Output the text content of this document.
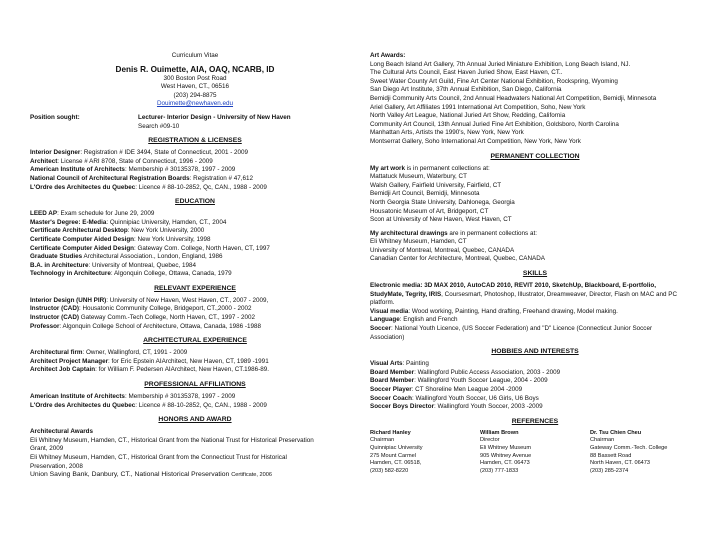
Curriculum Vitae
Denis R. Ouimette, AIA, OAQ, NCARB, ID
300 Boston Post Road
West Haven, CT., 06516
(203) 294-8875
Douimette@newhaven.edu
Position sought:	Lecturer- Interior Design - University of New Haven
Search #09-10
REGISTRATION & LICENSES
Interior Designer: Registration # IDE 3494, State of Connecticut, 2001 - 2009
Architect: License # ARI 8708, State of Connecticut, 1996 - 2009
American Institute of Architects: Membership # 30135378, 1997 - 2009
National Council of Architectural Registration Boards: Registration # 47,612
L'Ordre des Architectes du Quebec: Licence # 88-10-2852, Qc, CAN., 1988 - 2009
EDUCATION
LEED AP: Exam schedule for June 29, 2009
Master's Degree: E-Media: Quinnipiac University, Hamden, CT., 2004
Certificate Architectural Desktop: New York University, 2000
Certificate Computer Aided Design: New York University, 1998
Certificate Computer Aided Design: Gateway Com. College, North Haven, CT, 1997
Graduate Studies Architectural Association., London, England, 1986
B.A. in Architecture: University of Montreal, Quebec, 1984
Technology in Architecture: Algonquin College, Ottawa, Canada, 1979
RELEVANT EXPERIENCE
Interior Design (UNH PIR): University of New Haven, West Haven, CT., 2007 - 2009,
Instructor (CAD): Housatonic Community College, Bridgeport, CT.,2000 - 2002
Instructor (CAD) Gateway Comm.-Tech College, North Haven, CT., 1997 - 2002
Professor: Algonquin College School of Architecture, Ottawa, Canada, 1986 -1988
ARCHITECTURAL EXPERIENCE
Architectural firm: Owner, Wallingford, CT, 1991 - 2009
Architect Project Manager: for Eric Epstein AIArchitect, New Haven, CT, 1989 -1991
Architect Job Captain: for William F. Pedersen AIArchitect, New Haven, CT.1986-89.
PROFESSIONAL AFFILIATIONS
American Institute of Architects: Membership # 30135378, 1997 - 2009
L'Ordre des Architectes du Quebec: Licence # 88-10-2852, Qc, CAN., 1988 - 2009
HONORS AND AWARD
Architectural Awards
Eli Whitney Museum, Hamden, CT., Historical Grant from the National Trust for Historical Preservation
Grant, 2009
Eli Whitney Museum, Hamden, CT., Historical Grant from the Connecticut Trust for Historical
Preservation, 2008
Union Saving Bank, Danbury, CT., National Historical Preservation Certificate, 2006
Art Awards:
Long Beach Island Art Gallery, 7th Annual Juried Miniature Exhibition, Long Beach Island, NJ.
The Cultural Arts Council, East Haven Juried Show, East Haven, CT..
Sweet Water County Art Guild, Fine Art Center National Exhibition, Rockspring, Wyoming
San Diego Art Institute, 37th Annual Exhibition, San Diego, California
Bemidji Community Arts Council, 2nd Annual Headwaters National Art Competition, Bemidji, Minnesota
Ariel Gallery, Art Affiliates 1991 International Art Competition, Soho, New York
North Valley Art League, National Juried Art Show, Redding, California
Community Art Council, 13th Annual Juried Fine Art Exhibition, Goldsboro, North Carolina
Manhattan Arts, Artists the 1990's, New York, New York
Montserrat Gallery, Soho International Art Competition, New York, New York
PERMANENT COLLECTION
My art work is in permanent collections at:
Mattatuck Museum, Waterbury, CT
Walsh Gallery, Fairfield University, Fairfield, CT
Bemidji Art Council, Bemidji, Minnesota
North Georgia State University, Dahlonega, Georgia
Housatonic Museum of Art, Bridgeport, CT
Scon at University of New Haven, West Haven, CT
My architectural drawings are in permanent collections at:
Eli Whitney Museum, Hamden, CT
University of Montreal, Montreal, Quebec, CANADA
Canadian Center for Architecture, Montreal, Quebec, CANADA
SKILLS
Electronic media: 3D MAX 2010, AutoCAD 2010, REVIT 2010, SketchUp, Blackboard, E-portfolio,
StudyMate, Tegrity, IRIS, Coursesmart, Photoshop, Illustrator, Dreamweaver, Director, Flash on MAC and PC
platform.
Visual media: Wood working, Painting, Hand drafting, Freehand drawing, Model making.
Language: English and French
Soccer: National Youth Licence, (US Soccer Federation) and "D" Licence (Connecticut Junior Soccer
Association)
HOBBIES AND INTERESTS
Visual Arts: Painting
Board Member: Wallingford Public Access Association, 2003 - 2009
Board Member: Wallingford Youth Soccer League, 2004 - 2009
Soccer Player: CT Shoreline Men League 2004 -2009
Soccer Coach: Wallingford Youth Soccer, U6 Girls, U6 Boys
Soccer Boys Director: Wallingford Youth Soccer, 2003 -2009
REFERENCES
Richard Hanley
Chairman
Quinnipiac University
275 Mount Carmel
Hamden, CT. 06518,
(203) 582-8220
William Brown
Director
Eli Whitney Museum
905 Whitney Avenue
Hamden, CT. 06473
(203) 777-1833
Dr. Tsu Chien Cheu
Chairman
Gateway Comm.-Tech. College
88 Bassett Road
North Haven, CT. 06473
(203) 285-2374
